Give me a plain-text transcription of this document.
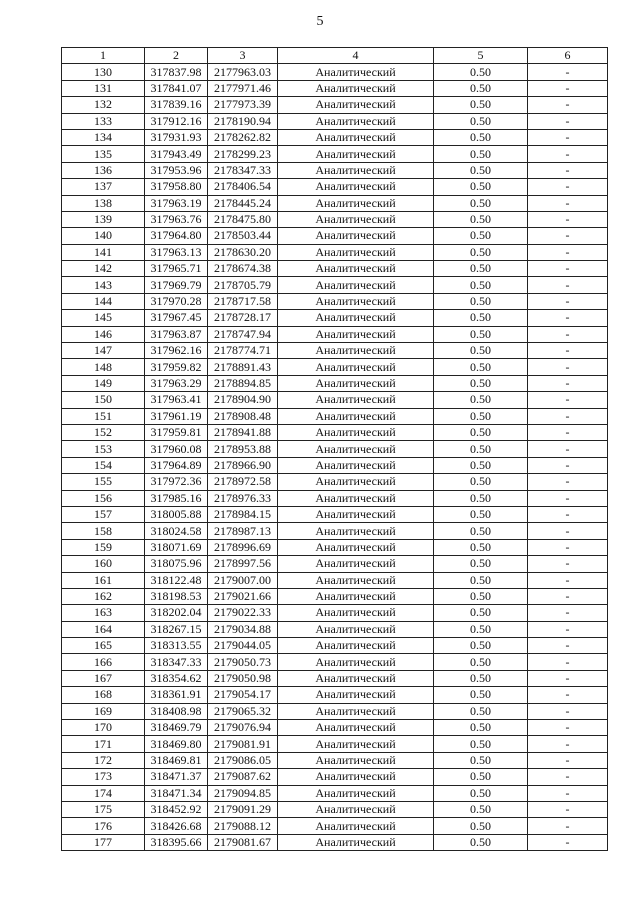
5
1	2	3	4	5	6
130	317837.98	2177963.03	Аналитический	0.50	-
131	317841.07	2177971.46	Аналитический	0.50	-
132	317839.16	2177973.39	Аналитический	0.50	-
133	317912.16	2178190.94	Аналитический	0.50	-
134	317931.93	2178262.82	Аналитический	0.50	-
135	317943.49	2178299.23	Аналитический	0.50	-
136	317953.96	2178347.33	Аналитический	0.50	-
137	317958.80	2178406.54	Аналитический	0.50	-
138	317963.19	2178445.24	Аналитический	0.50	-
139	317963.76	2178475.80	Аналитический	0.50	-
140	317964.80	2178503.44	Аналитический	0.50	-
141	317963.13	2178630.20	Аналитический	0.50	-
142	317965.71	2178674.38	Аналитический	0.50	-
143	317969.79	2178705.79	Аналитический	0.50	-
144	317970.28	2178717.58	Аналитический	0.50	-
145	317967.45	2178728.17	Аналитический	0.50	-
146	317963.87	2178747.94	Аналитический	0.50	-
147	317962.16	2178774.71	Аналитический	0.50	-
148	317959.82	2178891.43	Аналитический	0.50	-
149	317963.29	2178894.85	Аналитический	0.50	-
150	317963.41	2178904.90	Аналитический	0.50	-
151	317961.19	2178908.48	Аналитический	0.50	-
152	317959.81	2178941.88	Аналитический	0.50	-
153	317960.08	2178953.88	Аналитический	0.50	-
154	317964.89	2178966.90	Аналитический	0.50	-
155	317972.36	2178972.58	Аналитический	0.50	-
156	317985.16	2178976.33	Аналитический	0.50	-
157	318005.88	2178984.15	Аналитический	0.50	-
158	318024.58	2178987.13	Аналитический	0.50	-
159	318071.69	2178996.69	Аналитический	0.50	-
160	318075.96	2178997.56	Аналитический	0.50	-
161	318122.48	2179007.00	Аналитический	0.50	-
162	318198.53	2179021.66	Аналитический	0.50	-
163	318202.04	2179022.33	Аналитический	0.50	-
164	318267.15	2179034.88	Аналитический	0.50	-
165	318313.55	2179044.05	Аналитический	0.50	-
166	318347.33	2179050.73	Аналитический	0.50	-
167	318354.62	2179050.98	Аналитический	0.50	-
168	318361.91	2179054.17	Аналитический	0.50	-
169	318408.98	2179065.32	Аналитический	0.50	-
170	318469.79	2179076.94	Аналитический	0.50	-
171	318469.80	2179081.91	Аналитический	0.50	-
172	318469.81	2179086.05	Аналитический	0.50	-
173	318471.37	2179087.62	Аналитический	0.50	-
174	318471.34	2179094.85	Аналитический	0.50	-
175	318452.92	2179091.29	Аналитический	0.50	-
176	318426.68	2179088.12	Аналитический	0.50	-
177	318395.66	2179081.67	Аналитический	0.50	-
